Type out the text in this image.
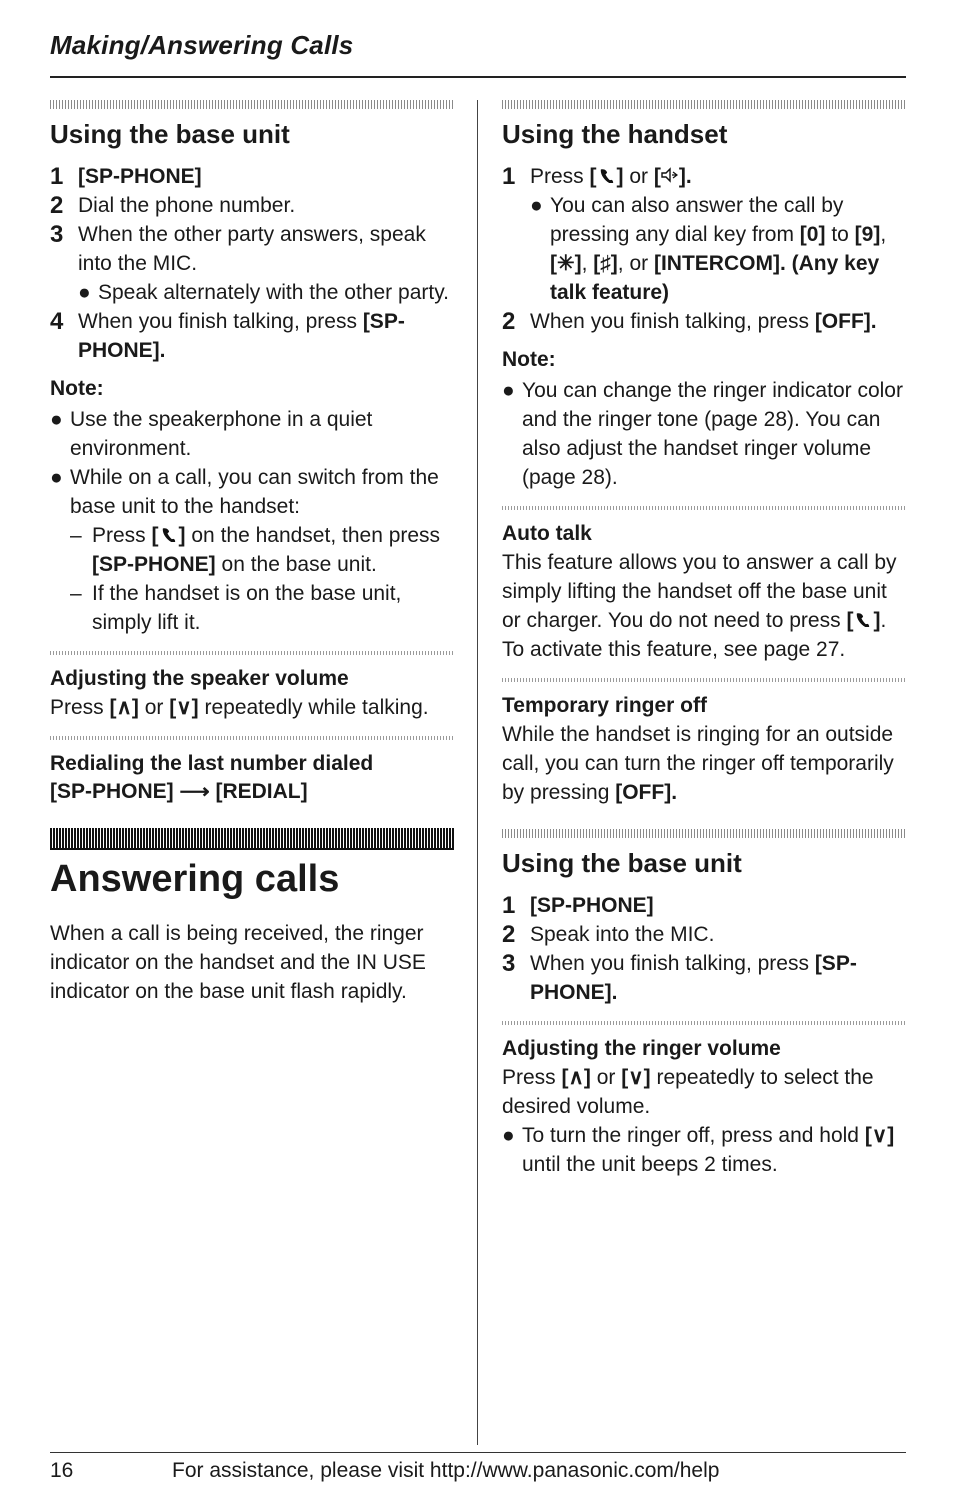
Making/Answering Calls
Using the base unit
1 [SP-PHONE]
2 Dial the phone number.
3 When the other party answers, speak into the MIC.
● Speak alternately with the other party.
4 When you finish talking, press [SP-PHONE].
Note:
● Use the speakerphone in a quiet environment.
● While on a call, you can switch from the base unit to the handset:
– Press [ ] on the handset, then press [SP-PHONE] on the base unit.
– If the handset is on the base unit, simply lift it.
Adjusting the speaker volume
Press [∧] or [∨] repeatedly while talking.
Redialing the last number dialed
[SP-PHONE] ⟶ [REDIAL]
Answering calls
When a call is being received, the ringer indicator on the handset and the IN USE indicator on the base unit flash rapidly.
Using the handset
1 Press [ ] or [ ].
● You can also answer the call by pressing any dial key from [0] to [9], [✳], [♯], or [INTERCOM]. (Any key talk feature)
2 When you finish talking, press [OFF].
Note:
● You can change the ringer indicator color and the ringer tone (page 28). You can also adjust the handset ringer volume (page 28).
Auto talk
This feature allows you to answer a call by simply lifting the handset off the base unit or charger. You do not need to press [ ]. To activate this feature, see page 27.
Temporary ringer off
While the handset is ringing for an outside call, you can turn the ringer off temporarily by pressing [OFF].
Using the base unit
1 [SP-PHONE]
2 Speak into the MIC.
3 When you finish talking, press [SP-PHONE].
Adjusting the ringer volume
Press [∧] or [∨] repeatedly to select the desired volume.
● To turn the ringer off, press and hold [∨] until the unit beeps 2 times.
16	For assistance, please visit http://www.panasonic.com/help
